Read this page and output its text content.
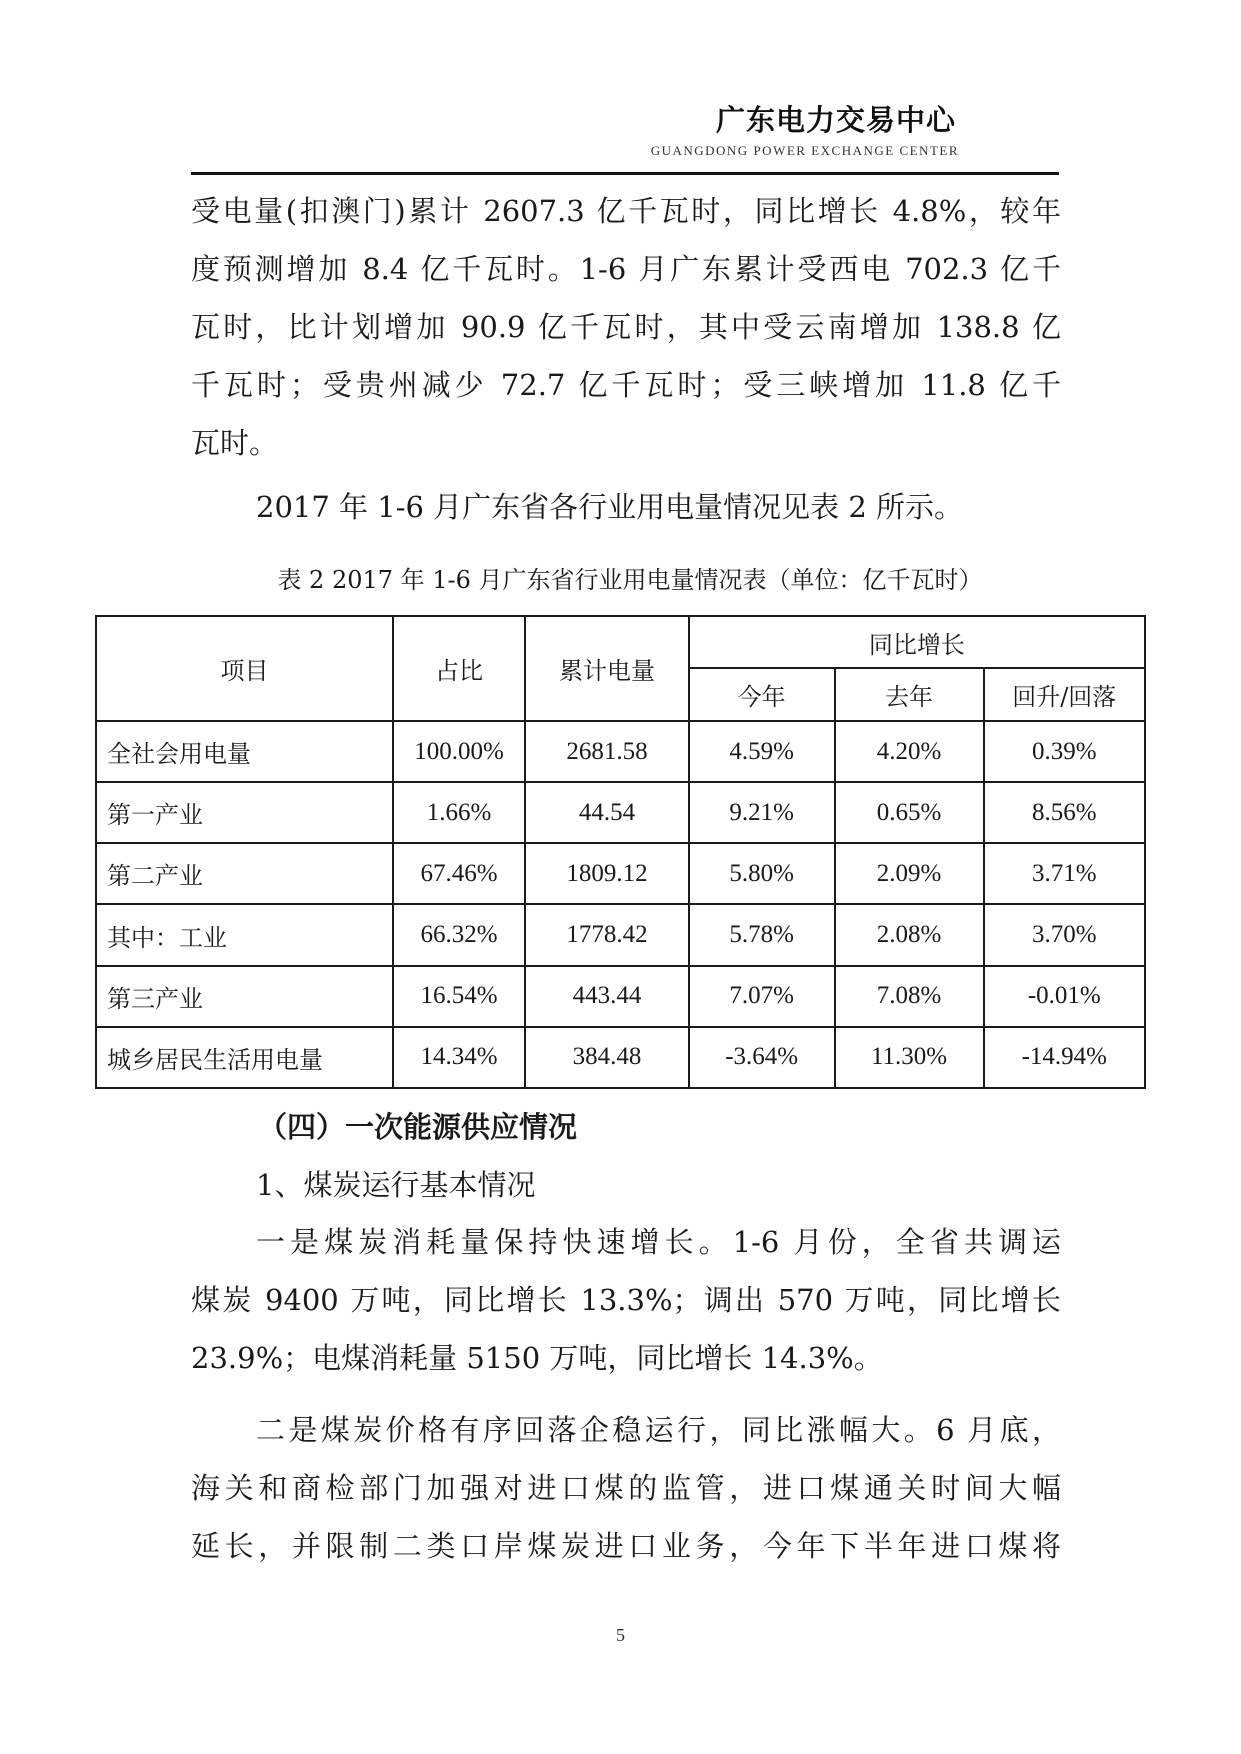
广东电力交易中心
GUANGDONG POWER EXCHANGE CENTER
受电量(扣澳门)累计 2607.3 亿千瓦时，同比增长 4.8%，较年
度预测增加 8.4 亿千瓦时。1-6 月广东累计受西电 702.3 亿千
瓦时，比计划增加 90.9 亿千瓦时，其中受云南增加 138.8 亿
千瓦时；受贵州减少 72.7 亿千瓦时；受三峡增加 11.8 亿千
瓦时。
2017 年 1-6 月广东省各行业用电量情况见表 2 所示。
表 2 2017 年 1-6 月广东省行业用电量情况表（单位：亿千瓦时）
项目	占比	累计电量	同比增长		
			今年	去年	回升/回落
全社会用电量	100.00%	2681.58	4.59%	4.20%	0.39%
第一产业	1.66%	44.54	9.21%	0.65%	8.56%
第二产业	67.46%	1809.12	5.80%	2.09%	3.71%
其中：工业	66.32%	1778.42	5.78%	2.08%	3.70%
第三产业	16.54%	443.44	7.07%	7.08%	-0.01%
城乡居民生活用电量	14.34%	384.48	-3.64%	11.30%	-14.94%
（四）一次能源供应情况
1、煤炭运行基本情况
一是煤炭消耗量保持快速增长。1-6 月份，全省共调运
煤炭 9400 万吨，同比增长 13.3%；调出 570 万吨，同比增长
23.9%；电煤消耗量 5150 万吨，同比增长 14.3%。
二是煤炭价格有序回落企稳运行，同比涨幅大。6 月底，
海关和商检部门加强对进口煤的监管，进口煤通关时间大幅
延长，并限制二类口岸煤炭进口业务，今年下半年进口煤将
5
